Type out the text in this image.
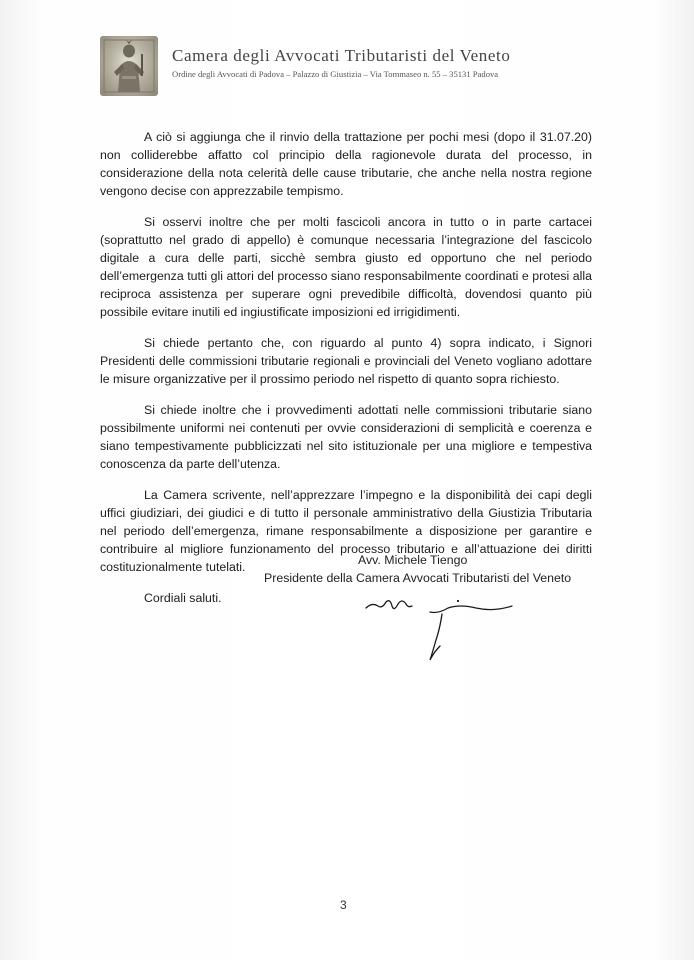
Camera degli Avvocati Tributaristi del Veneto
Ordine degli Avvocati di Padova – Palazzo di Giustizia – Via Tommaseo n. 55 – 35131 Padova

A ciò si aggiunga che il rinvio della trattazione per pochi mesi (dopo il 31.07.20) non colliderebbe affatto col principio della ragionevole durata del processo, in considerazione della nota celerità delle cause tributarie, che anche nella nostra regione vengono decise con apprezzabile tempismo.

Si osservi inoltre che per molti fascicoli ancora in tutto o in parte cartacei (soprattutto nel grado di appello) è comunque necessaria l’integrazione del fascicolo digitale a cura delle parti, sicchè sembra giusto ed opportuno che nel periodo dell’emergenza tutti gli attori del processo siano responsabilmente coordinati e protesi alla reciproca assistenza per superare ogni prevedibile difficoltà, dovendosi quanto più possibile evitare inutili ed ingiustificate imposizioni ed irrigidimenti.

Si chiede pertanto che, con riguardo al punto 4) sopra indicato, i Signori Presidenti delle commissioni tributarie regionali e provinciali del Veneto vogliano adottare le misure organizzative per il prossimo periodo nel rispetto di quanto sopra richiesto.

Si chiede inoltre che i provvedimenti adottati nelle commissioni tributarie siano possibilmente uniformi nei contenuti per ovvie considerazioni di semplicità e coerenza e siano tempestivamente pubblicizzati nel sito istituzionale per una migliore e tempestiva conoscenza da parte dell’utenza.

La Camera scrivente, nell’apprezzare l’impegno e la disponibilità dei capi degli uffici giudiziari, dei giudici e di tutto il personale amministrativo della Giustizia Tributaria nel periodo dell’emergenza, rimane responsabilmente a disposizione per garantire e contribuire al migliore funzionamento del processo tributario e all’attuazione dei diritti costituzionalmente tutelati.

Cordiali saluti.

Avv. Michele Tiengo
Presidente della Camera Avvocati Tributaristi del Veneto
3
